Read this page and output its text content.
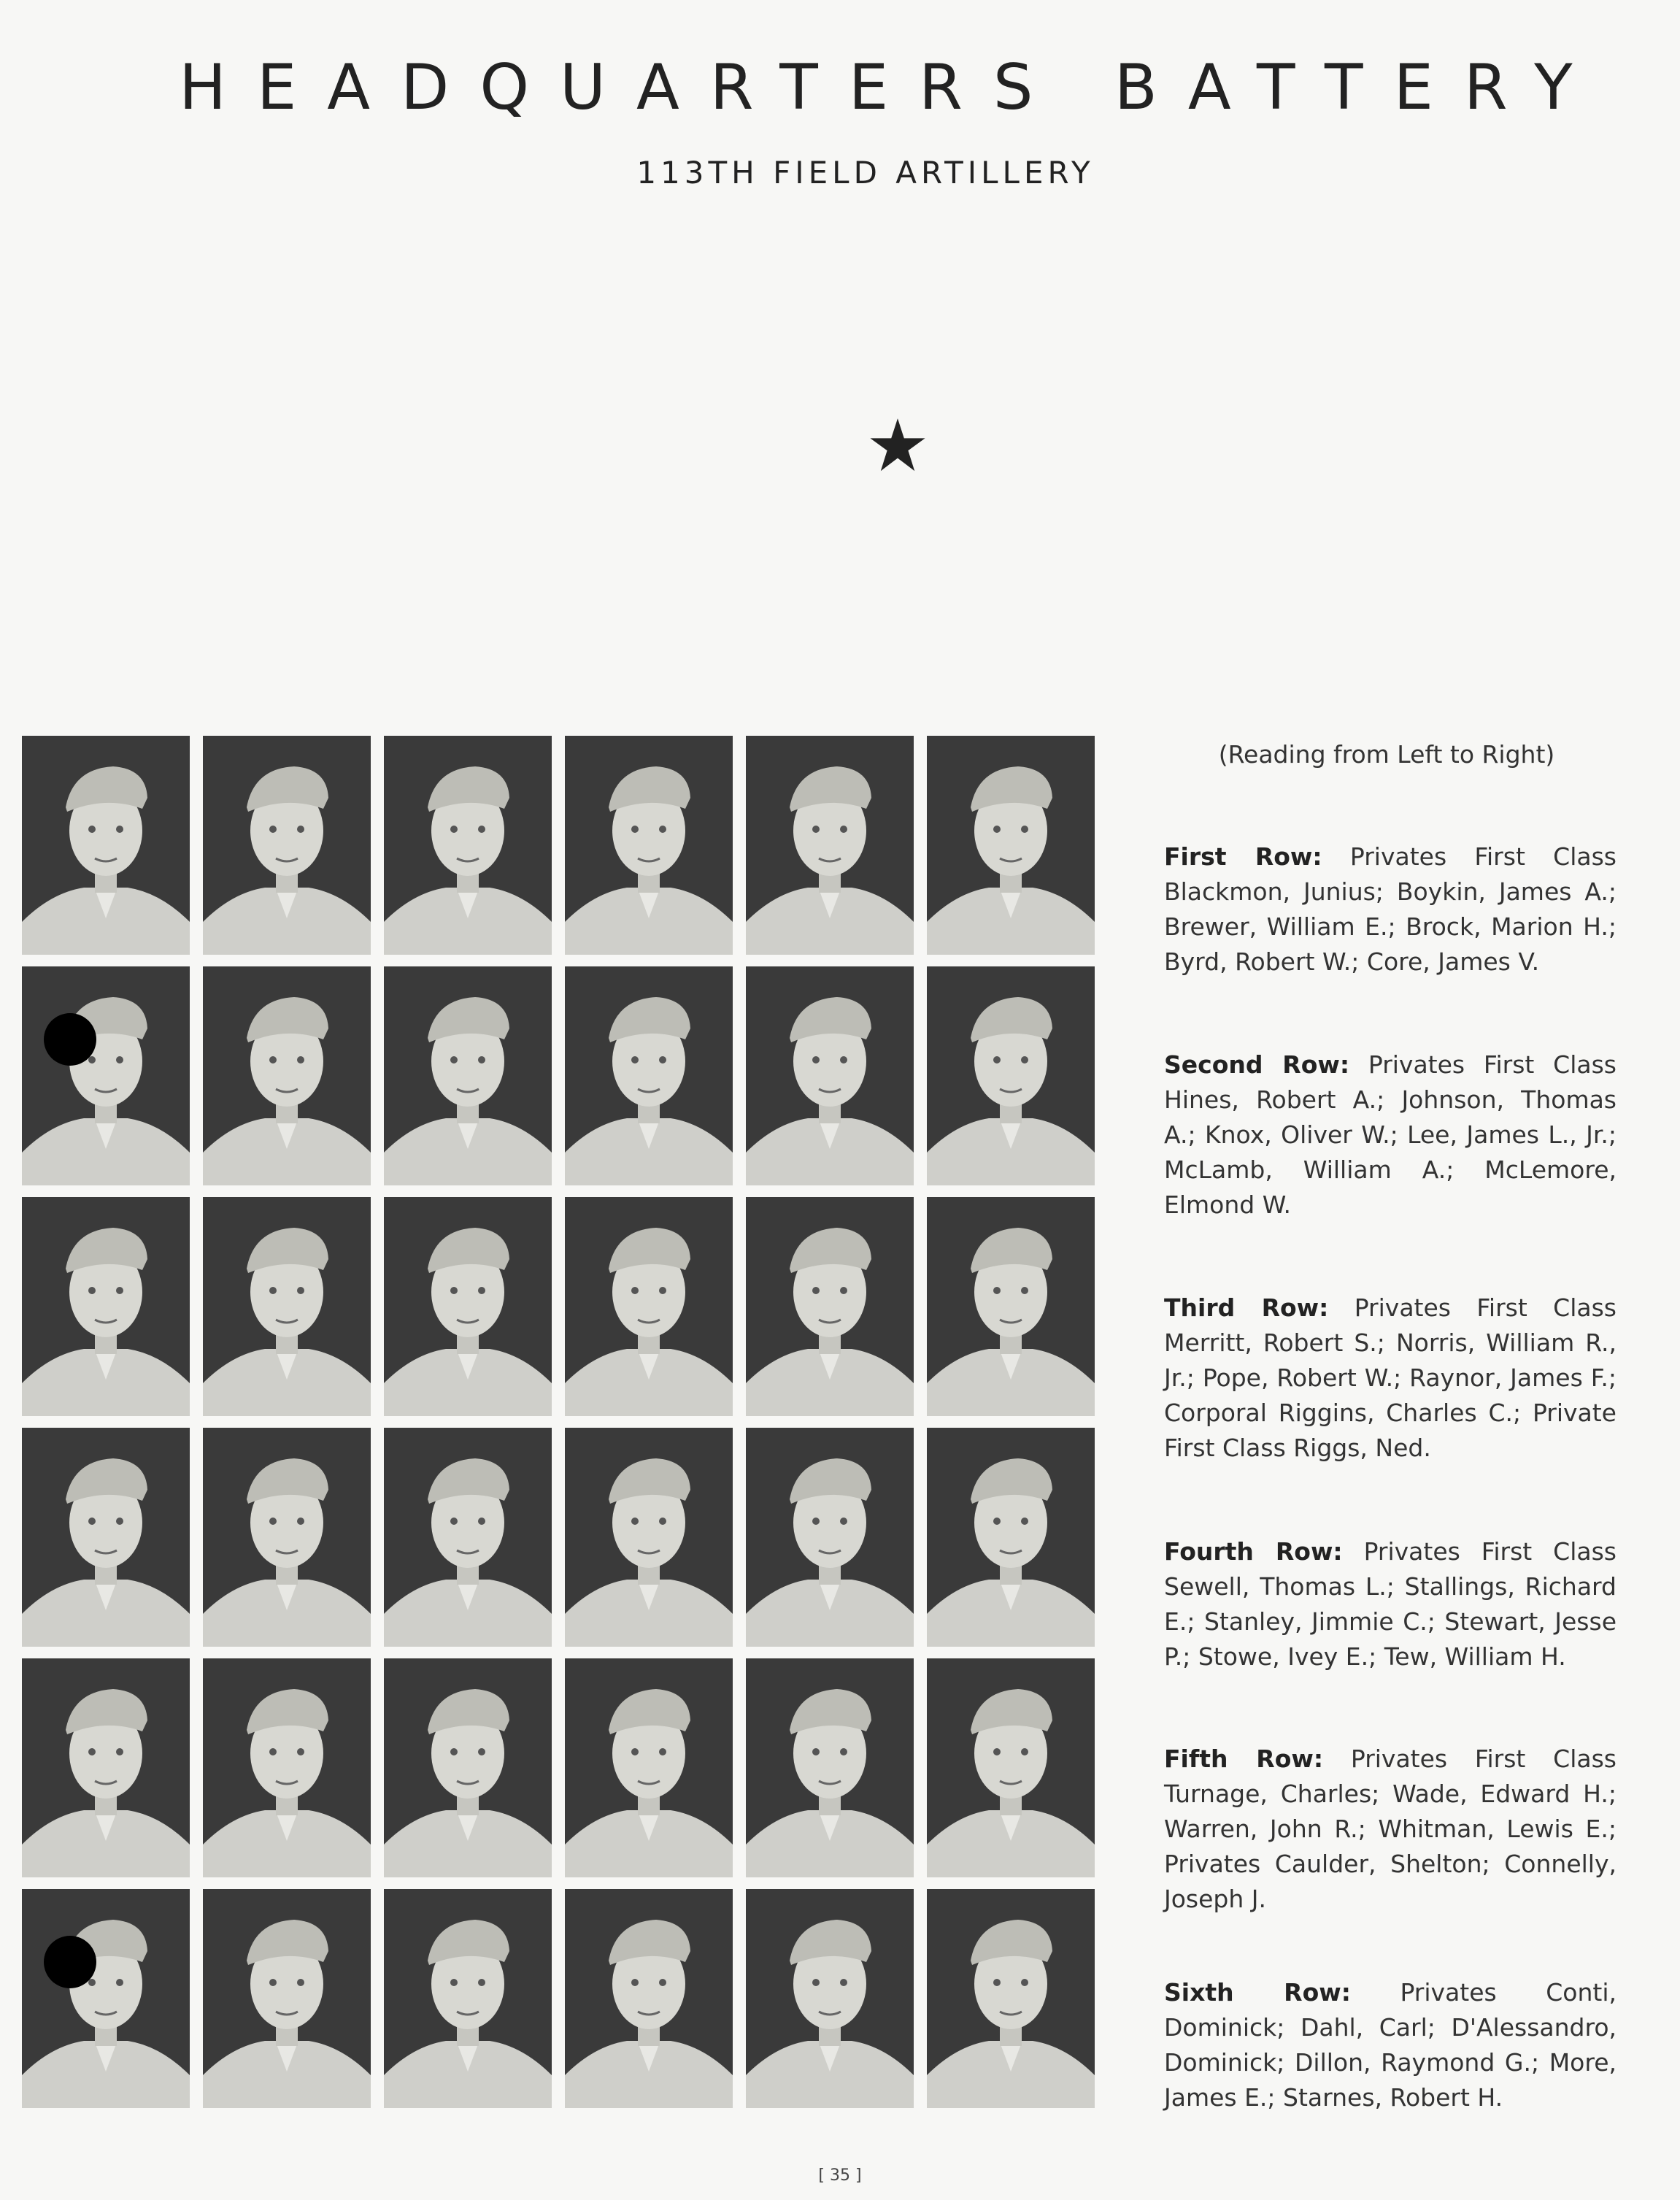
HEADQUARTERS BATTERY
113TH FIELD ARTILLERY
(Reading from Left to Right)
First Row: Privates First Class Blackmon, Junius; Boykin, James A.; Brewer, William E.; Brock, Marion H.; Byrd, Robert W.; Core, James V.
Second Row: Privates First Class Hines, Robert A.; Johnson, Thomas A.; Knox, Oliver W.; Lee, James L., Jr.; McLamb, William A.; McLemore, Elmond W.
Third Row: Privates First Class Merritt, Robert S.; Norris, William R., Jr.; Pope, Robert W.; Raynor, James F.; Corporal Riggins, Charles C.; Private First Class Riggs, Ned.
Fourth Row: Privates First Class Sewell, Thomas L.; Stallings, Richard E.; Stanley, Jimmie C.; Stewart, Jesse P.; Stowe, Ivey E.; Tew, William H.
Fifth Row: Privates First Class Turnage, Charles; Wade, Edward H.; Warren, John R.; Whitman, Lewis E.; Privates Caulder, Shelton; Connelly, Joseph J.
Sixth Row: Privates Conti, Dominick; Dahl, Carl; D'Alessandro, Dominick; Dillon, Raymond G.; More, James E.; Starnes, Robert H.
[ 35 ]
